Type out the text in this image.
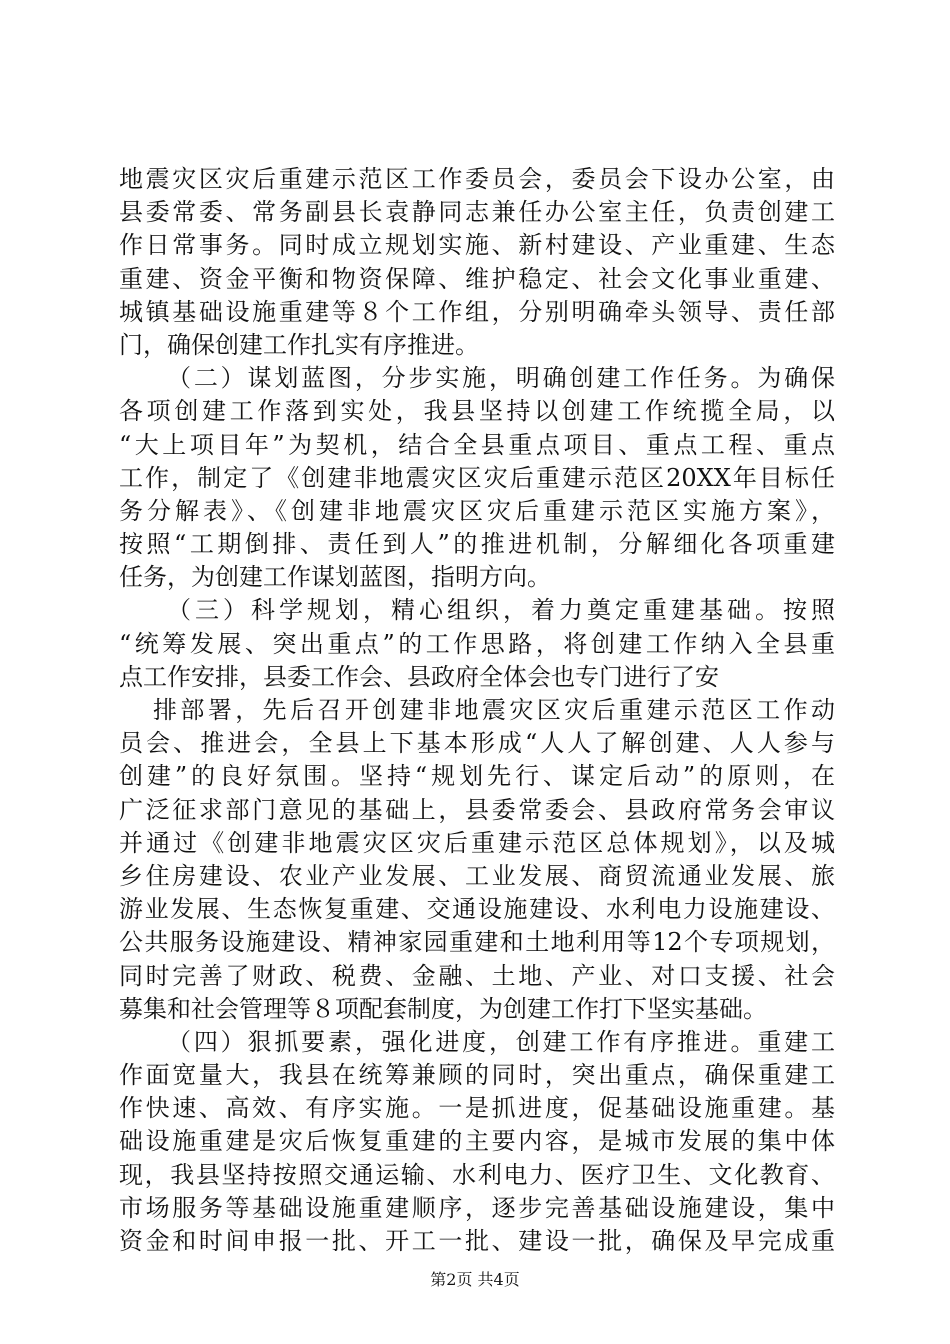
地震灾区灾后重建示范区工作委员会，委员会下设办公室，由
县委常委、常务副县长袁静同志兼任办公室主任，负责创建工
作日常事务。同时成立规划实施、新村建设、产业重建、生态
重建、资金平衡和物资保障、维护稳定、社会文化事业重建、
城镇基础设施重建等８个工作组，分别明确牵头领导、责任部
门，确保创建工作扎实有序推进。
（二）谋划蓝图，分步实施，明确创建工作任务。为确保
各项创建工作落到实处，我县坚持以创建工作统揽全局，以
“大上项目年”为契机，结合全县重点项目、重点工程、重点
工作，制定了《创建非地震灾区灾后重建示范区20XX年目标任
务分解表》、《创建非地震灾区灾后重建示范区实施方案》，
按照“工期倒排、责任到人”的推进机制，分解细化各项重建
任务，为创建工作谋划蓝图，指明方向。
（三）科学规划，精心组织，着力奠定重建基础。按照
“统筹发展、突出重点”的工作思路，将创建工作纳入全县重
点工作安排，县委工作会、县政府全体会也专门进行了安
排部署，先后召开创建非地震灾区灾后重建示范区工作动
员会、推进会，全县上下基本形成“人人了解创建、人人参与
创建”的良好氛围。坚持“规划先行、谋定后动”的原则，在
广泛征求部门意见的基础上，县委常委会、县政府常务会审议
并通过《创建非地震灾区灾后重建示范区总体规划》，以及城
乡住房建设、农业产业发展、工业发展、商贸流通业发展、旅
游业发展、生态恢复重建、交通设施建设、水利电力设施建设、
公共服务设施建设、精神家园重建和土地利用等12个专项规划，
同时完善了财政、税费、金融、土地、产业、对口支援、社会
募集和社会管理等８项配套制度，为创建工作打下坚实基础。
（四）狠抓要素，强化进度，创建工作有序推进。重建工
作面宽量大，我县在统筹兼顾的同时，突出重点，确保重建工
作快速、高效、有序实施。一是抓进度，促基础设施重建。基
础设施重建是灾后恢复重建的主要内容，是城市发展的集中体
现，我县坚持按照交通运输、水利电力、医疗卫生、文化教育、
市场服务等基础设施重建顺序，逐步完善基础设施建设，集中
资金和时间申报一批、开工一批、建设一批，确保及早完成重
第2页 共4页
